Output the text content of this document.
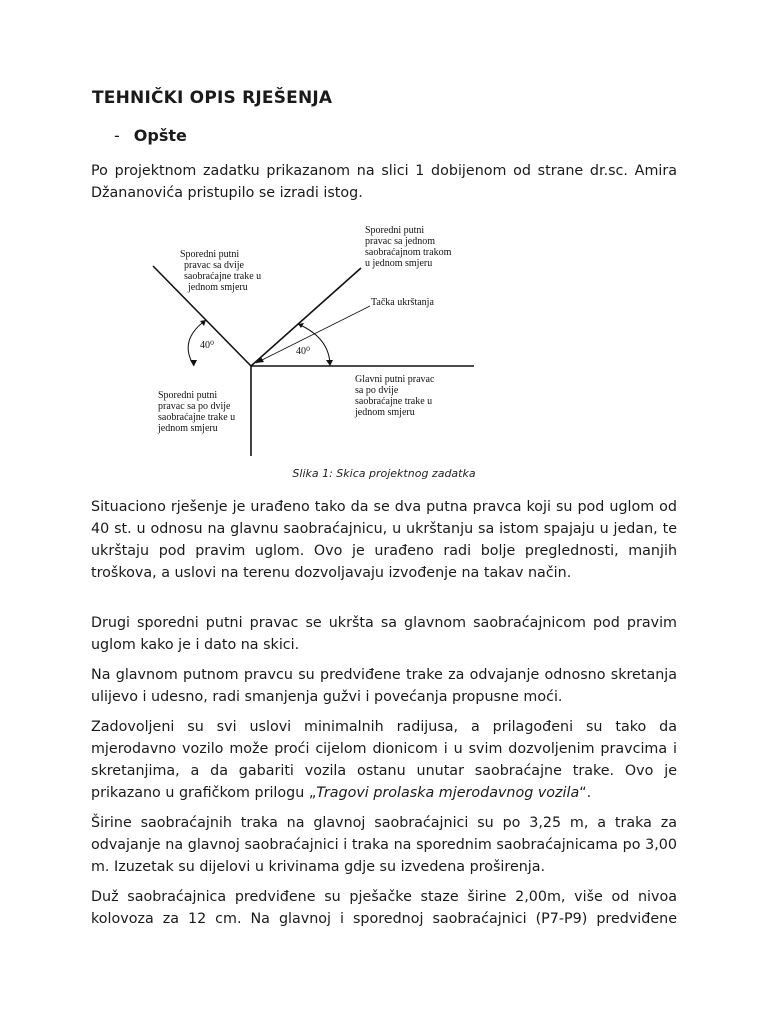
TEHNIČKI OPIS RJEŠENJA
- Opšte

Po projektnom zadatku prikazanom na slici 1 dobijenom od strane dr.sc. Amira Džananovića pristupilo se izradi istog.

Sporedni putni pravac sa dvije saobraćajne trake u jednom smjeru
Sporedni putni pravac sa jednom saobraćajnom trakom u jednom smjeru
Tačka ukrštanja
40⁰
40⁰
Sporedni putni pravac sa po dvije saobraćajne trake u jednom smjeru
Glavni putni pravac sa po dvije saobraćajne trake u jednom smjeru

Slika 1: Skica projektnog zadatka

Situaciono rješenje je urađeno tako da se dva putna pravca koji su pod uglom od 40 st. u odnosu na glavnu saobraćajnicu, u ukrštanju sa istom spajaju u jedan, te ukrštaju pod pravim uglom. Ovo je urađeno radi bolje preglednosti, manjih troškova, a uslovi na terenu dozvoljavaju izvođenje na takav način.

Drugi sporedni putni pravac se ukršta sa glavnom saobraćajnicom pod pravim uglom kako je i dato na skici.

Na glavnom putnom pravcu su predviđene trake za odvajanje odnosno skretanja ulijevo i udesno, radi smanjenja gužvi i povećanja propusne moći.

Zadovoljeni su svi uslovi minimalnih radijusa, a prilagođeni su tako da mjerodavno vozilo može proći cijelom dionicom i u svim dozvoljenim pravcima i skretanjima, a da gabariti vozila ostanu unutar saobraćajne trake. Ovo je prikazano u grafičkom prilogu „Tragovi prolaska mjerodavnog vozila“.

Širine saobraćajnih traka na glavnoj saobraćajnici su po 3,25 m, a traka za odvajanje na glavnoj saobraćajnici i traka na sporednim saobraćajnicama po 3,00 m. Izuzetak su dijelovi u krivinama gdje su izvedena proširenja.

Duž saobraćajnica predviđene su pješačke staze širine 2,00m, više od nivoa kolovoza za 12 cm. Na glavnoj i sporednoj saobraćajnici (P7-P9) predviđene
